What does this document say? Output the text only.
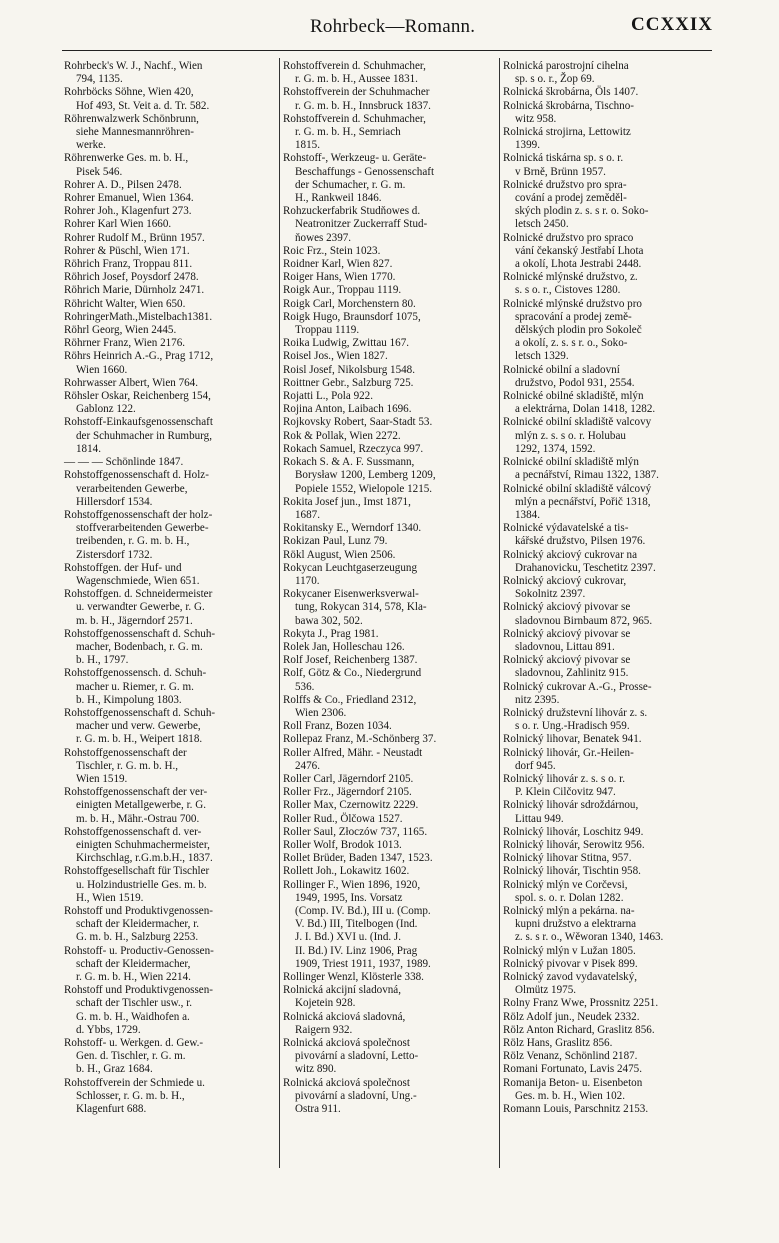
Rohrbeck—Romann.	CCXXIX
Rohrbeck's W. J., Nachf., Wien
794, 1135.
Rohrböcks Söhne, Wien 420,
Hof 493, St. Veit a. d. Tr. 582.
Röhrenwalzwerk Schönbrunn,
siehe Mannesmannröhren-
werke.
Röhrenwerke Ges. m. b. H.,
Pisek 546.
Rohrer A. D., Pilsen 2478.
Rohrer Emanuel, Wien 1364.
Rohrer Joh., Klagenfurt 273.
Rohrer Karl Wien 1660.
Rohrer Rudolf M., Brünn 1957.
Rohrer & Püschl, Wien 171.
Röhrich Franz, Troppau 811.
Röhrich Josef, Poysdorf 2478.
Röhrich Marie, Dürnholz 2471.
Röhricht Walter, Wien 650.
RohringerMath.,Mistelbach1381.
Röhrl Georg, Wien 2445.
Röhrner Franz, Wien 2176.
Röhrs Heinrich A.-G., Prag 1712,
Wien 1660.
Rohrwasser Albert, Wien 764.
Röhsler Oskar, Reichenberg 154,
Gablonz 122.
Rohstoff-Einkaufsgenossenschaft
der Schuhmacher in Rumburg,
1814.
— — — Schönlinde 1847.
Rohstoffgenossenschaft d. Holz-
verarbeitenden Gewerbe,
Hillersdorf 1534.
Rohstoffgenossenschaft der holz-
stoffverarbeitenden Gewerbe-
treibenden, r. G. m. b. H.,
Zistersdorf 1732.
Rohstoffgen. der Huf- und
Wagenschmiede, Wien 651.
Rohstoffgen. d. Schneidermeister
u. verwandter Gewerbe, r. G.
m. b. H., Jägerndorf 2571.
Rohstoffgenossenschaft d. Schuh-
macher, Bodenbach, r. G. m.
b. H., 1797.
Rohstoffgenossensch. d. Schuh-
macher u. Riemer, r. G. m.
b. H., Kimpolung 1803.
Rohstoffgenossenschaft d. Schuh-
macher und verw. Gewerbe,
r. G. m. b. H., Weipert 1818.
Rohstoffgenossenschaft der
Tischler, r. G. m. b. H.,
Wien 1519.
Rohstoffgenossenschaft der ver-
einigten Metallgewerbe, r. G.
m. b. H., Mähr.-Ostrau 700.
Rohstoffgenossenschaft d. ver-
einigten Schuhmachermeister,
Kirchschlag, r.G.m.b.H., 1837.
Rohstoffgesellschaft für Tischler
u. Holzindustrielle Ges. m. b.
H., Wien 1519.
Rohstoff und Produktivgenossen-
schaft der Kleidermacher, r.
G. m. b. H., Salzburg 2253.
Rohstoff- u. Productiv-Genossen-
schaft der Kleidermacher,
r. G. m. b. H., Wien 2214.
Rohstoff und Produktivgenossen-
schaft der Tischler usw., r.
G. m. b. H., Waidhofen a.
d. Ybbs, 1729.
Rohstoff- u. Werkgen. d. Gew.-
Gen. d. Tischler, r. G. m.
b. H., Graz 1684.
Rohstoffverein der Schmiede u.
Schlosser, r. G. m. b. H.,
Klagenfurt 688.
Rohstoffverein d. Schuhmacher,
r. G. m. b. H., Aussee 1831.
Rohstoffverein der Schuhmacher
r. G. m. b. H., Innsbruck 1837.
Rohstoffverein d. Schuhmacher,
r. G. m. b. H., Semriach
1815.
Rohstoff-, Werkzeug- u. Geräte-
Beschaffungs - Genossenschaft
der Schumacher, r. G. m.
H., Rankweil 1846.
Rohzuckerfabrik Studňowes d.
Neatronitzer Zuckerraff Stud-
ňowes 2397.
Roic Frz., Stein 1023.
Roidner Karl, Wien 827.
Roiger Hans, Wien 1770.
Roigk Aur., Troppau 1119.
Roigk Carl, Morchenstern 80.
Roigk Hugo, Braunsdorf 1075,
Troppau 1119.
Roika Ludwig, Zwittau 167.
Roisel Jos., Wien 1827.
Roisl Josef, Nikolsburg 1548.
Roittner Gebr., Salzburg 725.
Rojatti L., Pola 922.
Rojina Anton, Laibach 1696.
Rojkovsky Robert, Saar-Stadt 53.
Rok & Pollak, Wien 2272.
Rokach Samuel, Rzeczyca 997.
Rokach S. & A. F. Sussmann,
Borysław 1200, Lemberg 1209,
Popiele 1552, Wielopole 1215.
Rokita Josef jun., Imst 1871,
1687.
Rokitansky E., Werndorf 1340.
Rokizan Paul, Lunz 79.
Rökl August, Wien 2506.
Rokycan Leuchtgaserzeugung
1170.
Rokycaner Eisenwerksverwal-
tung, Rokycan 314, 578, Kla-
bawa 302, 502.
Rokyta J., Prag 1981.
Rolek Jan, Holleschau 126.
Rolf Josef, Reichenberg 1387.
Rolf, Götz & Co., Niedergrund
536.
Rolffs & Co., Friedland 2312,
Wien 2306.
Roll Franz, Bozen 1034.
Rollepaz Franz, M.-Schönberg 37.
Roller Alfred, Mähr. - Neustadt
2476.
Roller Carl, Jägerndorf 2105.
Roller Frz., Jägerndorf 2105.
Roller Max, Czernowitz 2229.
Roller Rud., Ölčowa 1527.
Roller Saul, Złoczów 737, 1165.
Roller Wolf, Brodok 1013.
Rollet Brüder, Baden 1347, 1523.
Rollett Joh., Lokawitz 1602.
Rollinger F., Wien 1896, 1920,
1949, 1995, Ins. Vorsatz
(Comp. IV. Bd.), III u. (Comp.
V. Bd.) III, Titelbogen (Ind.
J. I. Bd.) XVI u. (Ind. J.
II. Bd.) IV. Linz 1906, Prag
1909, Triest 1911, 1937, 1989.
Rollinger Wenzl, Klösterle 338.
Rolnická akcijní sladovná,
Kojetein 928.
Rolnická akciová sladovná,
Raigern 932.
Rolnická akciová společnost
pivovární a sladovní, Letto-
witz 890.
Rolnická akciová společnost
pivovární a sladovní, Ung.-
Ostra 911.
Rolnická parostrojní cihelna
sp. s o. r., Žop 69.
Rolnická škrobárna, Öls 1407.
Rolnická škrobárna, Tischno-
witz 958.
Rolnická strojirna, Lettowitz
1399.
Rolnická tiskárna sp. s o. r.
v Brně, Brünn 1957.
Rolnické družstvo pro spra-
cování a prodej zeměděl-
ských plodin z. s. s r. o. Soko-
letsch 2450.
Rolnické družstvo pro spraco
vání čekanský Jestřabí Lhota
a okolí, Lhota Jestrabi 2448.
Rolnické mlýnské družstvo, z.
s. s o. r., Cistoves 1280.
Rolnické mlýnské družstvo pro
spracování a prodej země-
dělských plodin pro Sokoleč
a okolí, z. s. s r. o., Soko-
letsch 1329.
Rolnické obilní a sladovní
družstvo, Podol 931, 2554.
Rolnické obilné skladiště, mlýn
a elektrárna, Dolan 1418, 1282.
Rolnické obilní skladiště valcovy
mlýn z. s. s o. r. Holubau
1292, 1374, 1592.
Rolnické obilní skladiště mlýn
a pecnářství, Rimau 1322, 1387.
Rolnické obilní skladiště válcový
mlýn a pecnářství, Pořič 1318,
1384.
Rolnické výdavatelské a tis-
kářské družstvo, Pilsen 1976.
Rolnický akciový cukrovar na
Drahanovicku, Teschetitz 2397.
Rolnický akciový cukrovar,
Sokolnitz 2397.
Rolnický akciový pivovar se
sladovnou Birnbaum 872, 965.
Rolnický akciový pivovar se
sladovnou, Littau 891.
Rolnický akciový pivovar se
sladovnou, Zahlinitz 915.
Rolnický cukrovar A.-G., Prosse-
nitz 2395.
Rolnický družstevní lihovár z. s.
s o. r. Ung.-Hradisch 959.
Rolnický lihovar, Benatek 941.
Rolnický lihovár, Gr.-Heilen-
dorf 945.
Rolnický lihovár z. s. s o. r.
P. Klein Cilčovitz 947.
Rolnický lihovár sdroždárnou,
Littau 949.
Rolnický lihovár, Loschitz 949.
Rolnický lihovár, Serowitz 956.
Rolnický lihovar Stitna, 957.
Rolnický lihovár, Tischtin 958.
Rolnický mlýn ve Corčevsi,
spol. s. o. r. Dolan 1282.
Rolnický mlýn a pekárna. na-
kupni družstvo a elektrarna
z. s. s r. o., Wěworan 1340, 1463.
Rolnický mlýn v Lužan 1805.
Rolnický pivovar v Pisek 899.
Rolnický zavod vydavatelský,
Olmütz 1975.
Rolny Franz Wwe, Prossnitz 2251.
Rölz Adolf jun., Neudek 2332.
Rölz Anton Richard, Graslitz 856.
Rölz Hans, Graslitz 856.
Rölz Venanz, Schönlind 2187.
Romani Fortunato, Lavis 2475.
Romanija Beton- u. Eisenbeton
Ges. m. b. H., Wien 102.
Romann Louis, Parschnitz 2153.
